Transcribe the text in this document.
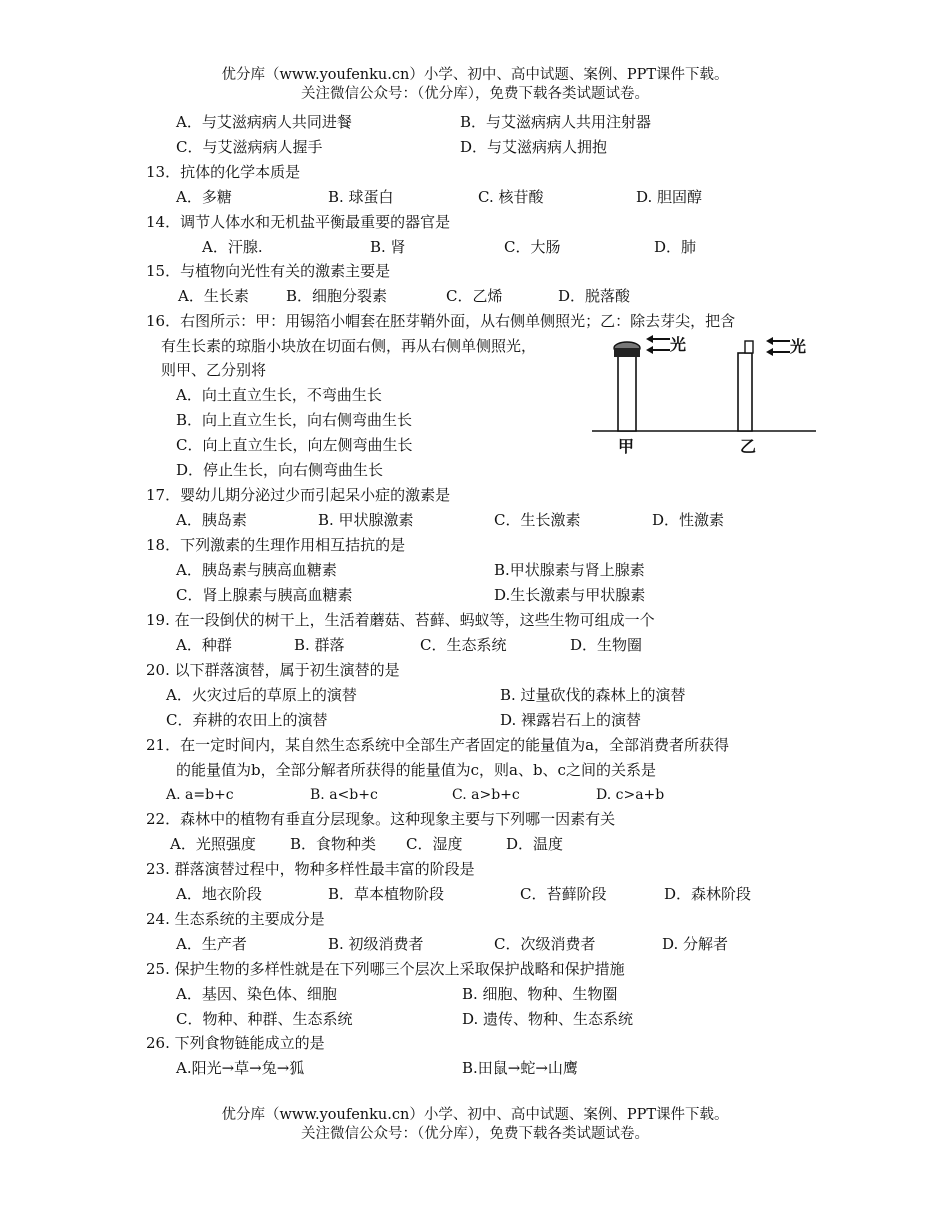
优分库（www.youfenku.cn）小学、初中、高中试题、案例、PPT课件下载。
关注微信公众号：（优分库），免费下载各类试题试卷。
A．与艾滋病病人共同进餐	B．与艾滋病病人共用注射器
C．与艾滋病病人握手	D．与艾滋病病人拥抱
13．抗体的化学本质是
A．多糖	B. 球蛋白	C. 核苷酸	D. 胆固醇
14．调节人体水和无机盐平衡最重要的器官是
A．汗腺.	B. 肾	C．大肠	D．肺
15．与植物向光性有关的激素主要是
A．生长素 B．细胞分裂素	C．乙烯	D．脱落酸
16．右图所示：甲：用锡箔小帽套在胚芽鞘外面，从右侧单侧照光；乙：除去芽尖，把含
有生长素的琼脂小块放在切面右侧，再从右侧单侧照光，
则甲、乙分别将
A．向土直立生长，不弯曲生长
B．向上直立生长，向右侧弯曲生长
C．向上直立生长，向左侧弯曲生长
D．停止生长，向右侧弯曲生长
光	光
甲	乙
17．婴幼儿期分泌过少而引起呆小症的激素是
A．胰岛素	B. 甲状腺激素	C．生长激素	D．性激素
18．下列激素的生理作用相互拮抗的是
A．胰岛素与胰高血糖素	B.甲状腺素与肾上腺素
C．肾上腺素与胰高血糖素	D.生长激素与甲状腺素
19. 在一段倒伏的树干上，生活着蘑菇、苔藓、蚂蚁等，这些生物可组成一个
A．种群	B. 群落	C．生态系统	D．生物圈
20. 以下群落演替，属于初生演替的是
A．火灾过后的草原上的演替	B. 过量砍伐的森林上的演替
C．弃耕的农田上的演替	D. 裸露岩石上的演替
21．在一定时间内，某自然生态系统中全部生产者固定的能量值为a，全部消费者所获得
的能量值为b，全部分解者所获得的能量值为c，则a、b、c之间的关系是
A. a=b+c	B. a<b+c	C. a>b+c	D. c>a+b
22．森林中的植物有垂直分层现象。这种现象主要与下列哪一因素有关
A．光照强度 B．食物种类 C．湿度	D．温度
23. 群落演替过程中，物种多样性最丰富的阶段是
A．地衣阶段	B．草本植物阶段	C．苔藓阶段	D．森林阶段
24. 生态系统的主要成分是
A．生产者	B. 初级消费者	C．次级消费者	D. 分解者
25. 保护生物的多样性就是在下列哪三个层次上采取保护战略和保护措施
A．基因、染色体、细胞	B. 细胞、物种、生物圈
C．物种、种群、生态系统	D. 遗传、物种、生态系统
26. 下列食物链能成立的是
A.阳光→草→兔→狐	B.田鼠→蛇→山鹰
优分库（www.youfenku.cn）小学、初中、高中试题、案例、PPT课件下载。
关注微信公众号：（优分库），免费下载各类试题试卷。
